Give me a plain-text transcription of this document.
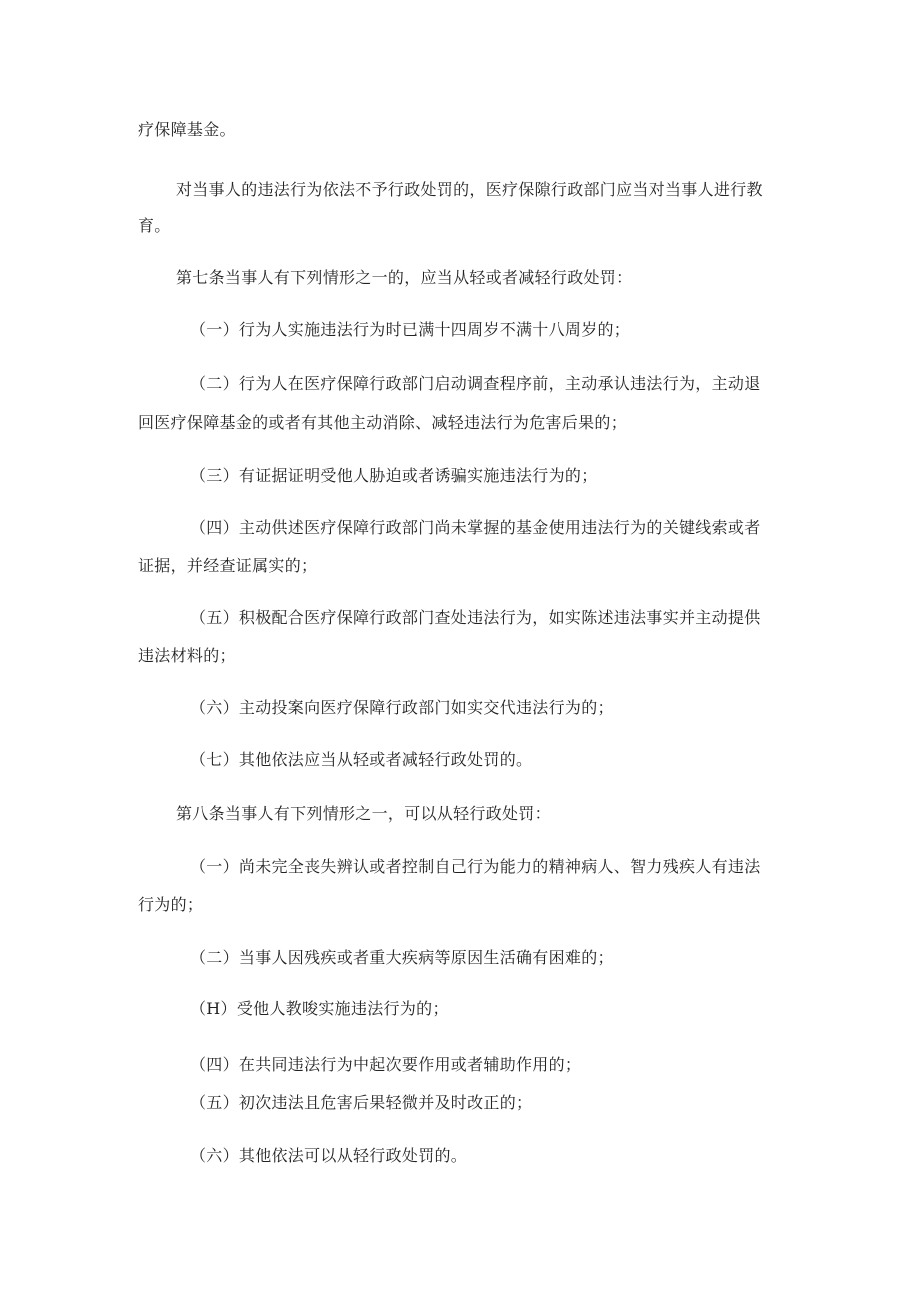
疗保障基金。

对当事人的违法行为依法不予行政处罚的，医疗保隙行政部门应当对当事人进行教

育。

第七条当事人有下列情形之一的，应当从轻或者减轻行政处罚：

（一）行为人实施违法行为时已满十四周岁不满十八周岁的；

（二）行为人在医疗保障行政部门启动调查程序前，主动承认违法行为，主动退

回医疗保障基金的或者有其他主动消除、减轻违法行为危害后果的；

（三）有证据证明受他人胁迫或者诱骗实施违法行为的；

（四）主动供述医疗保障行政部门尚未掌握的基金使用违法行为的关键线索或者

证据，并经查证属实的；

（五）积极配合医疗保障行政部门查处违法行为，如实陈述违法事实并主动提供

违法材料的；

（六）主动投案向医疗保障行政部门如实交代违法行为的；

（七）其他依法应当从轻或者减轻行政处罚的。

第八条当事人有下列情形之一，可以从轻行政处罚：

（一）尚未完全丧失辨认或者控制自己行为能力的精神病人、智力残疾人有违法

行为的；

（二）当事人因残疾或者重大疾病等原因生活确有困难的；

（H）受他人教唆实施违法行为的；

（四）在共同违法行为中起次要作用或者辅助作用的；

（五）初次违法且危害后果轻微并及时改正的；

（六）其他依法可以从轻行政处罚的。
